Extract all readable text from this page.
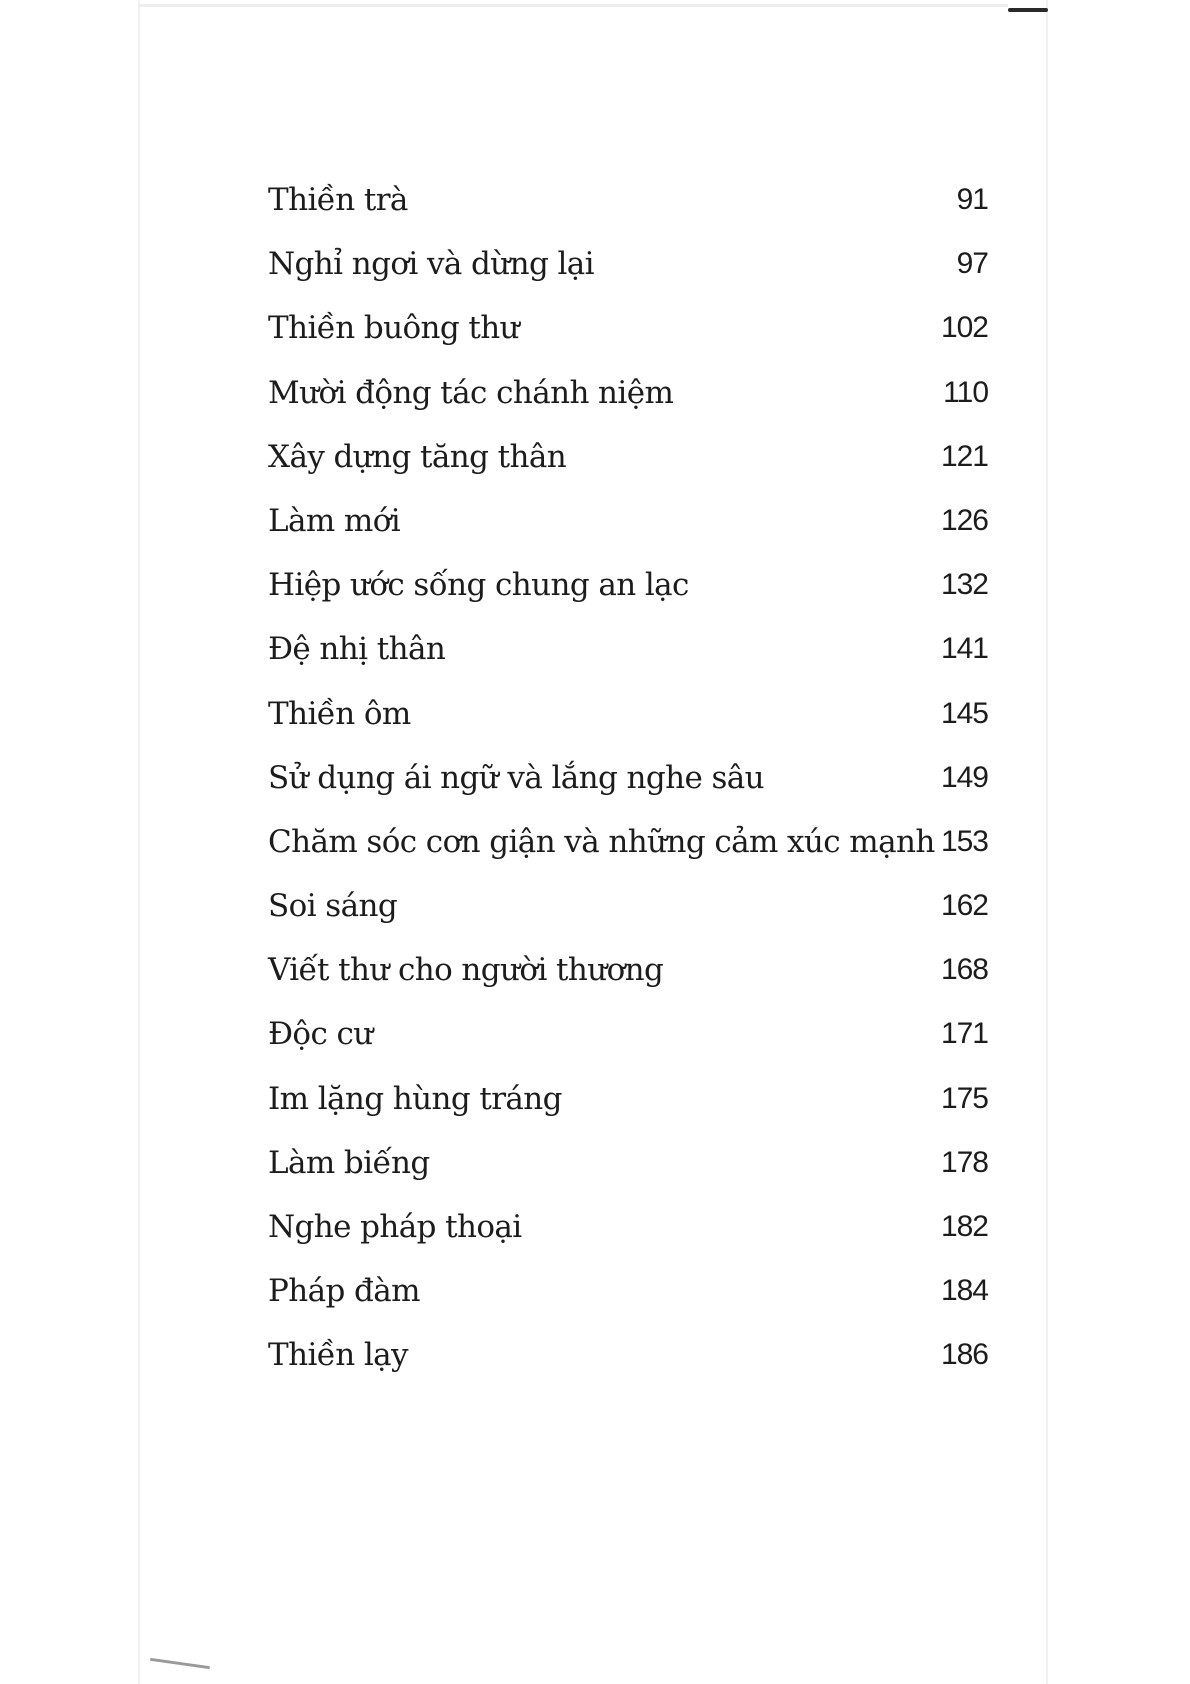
Thiền trà	91
Nghỉ ngơi và dừng lại	97
Thiền buông thư	102
Mười động tác chánh niệm	110
Xây dựng tăng thân	121
Làm mới	126
Hiệp ước sống chung an lạc	132
Đệ nhị thân	141
Thiền ôm	145
Sử dụng ái ngữ và lắng nghe sâu	149
Chăm sóc cơn giận và những cảm xúc mạnh 153
Soi sáng	162
Viết thư cho người thương	168
Độc cư	171
Im lặng hùng tráng	175
Làm biếng	178
Nghe pháp thoại	182
Pháp đàm	184
Thiền lạy	186
